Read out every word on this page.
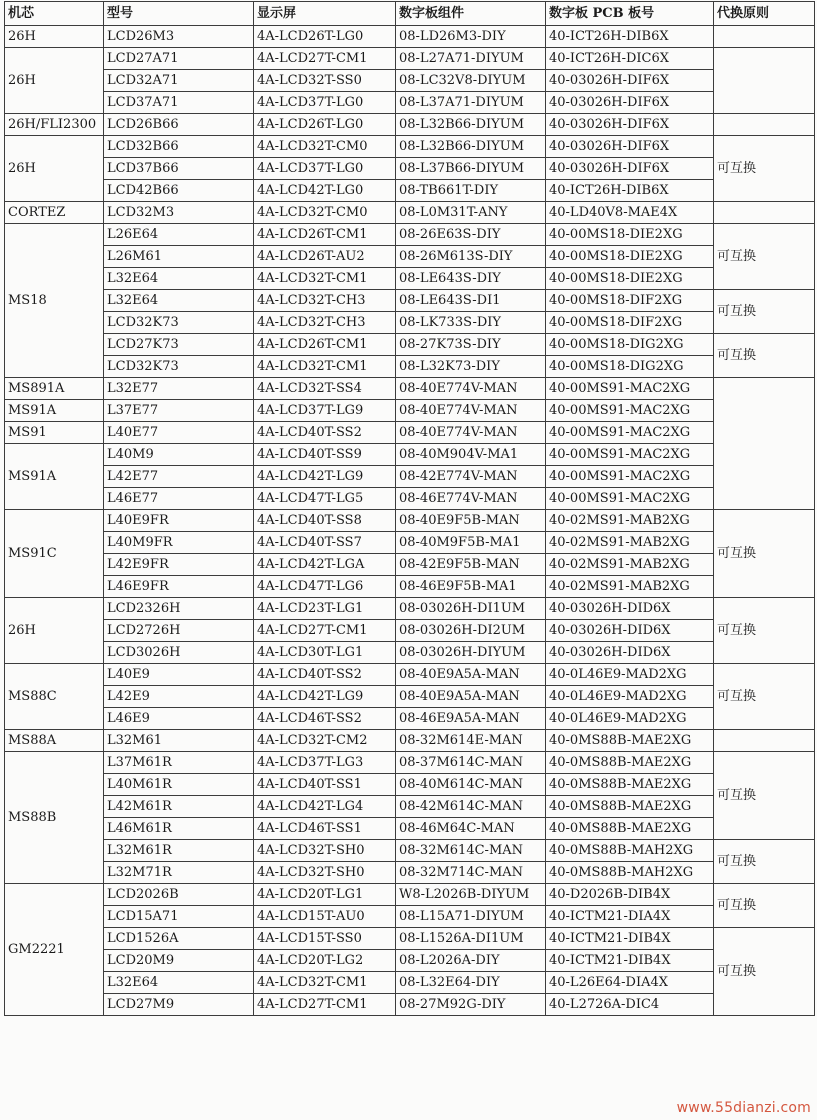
机芯	型号	显示屏	数字板组件	数字板 PCB 板号	代换原则
26H	LCD26M3	4A-LCD26T-LG0	08-LD26M3-DIY	40-ICT26H-DIB6X	
26H	LCD27A71	4A-LCD27T-CM1	08-L27A71-DIYUM	40-ICT26H-DIC6X	
	LCD32A71	4A-LCD32T-SS0	08-LC32V8-DIYUM	40-03026H-DIF6X	
	LCD37A71	4A-LCD37T-LG0	08-L37A71-DIYUM	40-03026H-DIF6X	
26H/FLI2300	LCD26B66	4A-LCD26T-LG0	08-L32B66-DIYUM	40-03026H-DIF6X	
26H	LCD32B66	4A-LCD32T-CM0	08-L32B66-DIYUM	40-03026H-DIF6X	可互换
	LCD37B66	4A-LCD37T-LG0	08-L37B66-DIYUM	40-03026H-DIF6X	
	LCD42B66	4A-LCD42T-LG0	08-TB661T-DIY	40-ICT26H-DIB6X	
CORTEZ	LCD32M3	4A-LCD32T-CM0	08-L0M31T-ANY	40-LD40V8-MAE4X	
MS18	L26E64	4A-LCD26T-CM1	08-26E63S-DIY	40-00MS18-DIE2XG	可互换
	L26M61	4A-LCD26T-AU2	08-26M613S-DIY	40-00MS18-DIE2XG	
	L32E64	4A-LCD32T-CM1	08-LE643S-DIY	40-00MS18-DIE2XG	
	L32E64	4A-LCD32T-CH3	08-LE643S-DI1	40-00MS18-DIF2XG	可互换
	LCD32K73	4A-LCD32T-CH3	08-LK733S-DIY	40-00MS18-DIF2XG	
	LCD27K73	4A-LCD26T-CM1	08-27K73S-DIY	40-00MS18-DIG2XG	可互换
	LCD32K73	4A-LCD32T-CM1	08-L32K73-DIY	40-00MS18-DIG2XG	
MS891A	L32E77	4A-LCD32T-SS4	08-40E774V-MAN	40-00MS91-MAC2XG	
MS91A	L37E77	4A-LCD37T-LG9	08-40E774V-MAN	40-00MS91-MAC2XG	
MS91	L40E77	4A-LCD40T-SS2	08-40E774V-MAN	40-00MS91-MAC2XG	
MS91A	L40M9	4A-LCD40T-SS9	08-40M904V-MA1	40-00MS91-MAC2XG	
	L42E77	4A-LCD42T-LG9	08-42E774V-MAN	40-00MS91-MAC2XG	
	L46E77	4A-LCD47T-LG5	08-46E774V-MAN	40-00MS91-MAC2XG	
MS91C	L40E9FR	4A-LCD40T-SS8	08-40E9F5B-MAN	40-02MS91-MAB2XG	可互换
	L40M9FR	4A-LCD40T-SS7	08-40M9F5B-MA1	40-02MS91-MAB2XG	
	L42E9FR	4A-LCD42T-LGA	08-42E9F5B-MAN	40-02MS91-MAB2XG	
	L46E9FR	4A-LCD47T-LG6	08-46E9F5B-MA1	40-02MS91-MAB2XG	
26H	LCD2326H	4A-LCD23T-LG1	08-03026H-DI1UM	40-03026H-DID6X	可互换
	LCD2726H	4A-LCD27T-CM1	08-03026H-DI2UM	40-03026H-DID6X	
	LCD3026H	4A-LCD30T-LG1	08-03026H-DIYUM	40-03026H-DID6X	
MS88C	L40E9	4A-LCD40T-SS2	08-40E9A5A-MAN	40-0L46E9-MAD2XG	可互换
	L42E9	4A-LCD42T-LG9	08-40E9A5A-MAN	40-0L46E9-MAD2XG	
	L46E9	4A-LCD46T-SS2	08-46E9A5A-MAN	40-0L46E9-MAD2XG	
MS88A	L32M61	4A-LCD32T-CM2	08-32M614E-MAN	40-0MS88B-MAE2XG	
MS88B	L37M61R	4A-LCD37T-LG3	08-37M614C-MAN	40-0MS88B-MAE2XG	可互换
	L40M61R	4A-LCD40T-SS1	08-40M614C-MAN	40-0MS88B-MAE2XG	
	L42M61R	4A-LCD42T-LG4	08-42M614C-MAN	40-0MS88B-MAE2XG	
	L46M61R	4A-LCD46T-SS1	08-46M64C-MAN	40-0MS88B-MAE2XG	
	L32M61R	4A-LCD32T-SH0	08-32M614C-MAN	40-0MS88B-MAH2XG	可互换
	L32M71R	4A-LCD32T-SH0	08-32M714C-MAN	40-0MS88B-MAH2XG	
GM2221	LCD2026B	4A-LCD20T-LG1	W8-L2026B-DIYUM	40-D2026B-DIB4X	可互换
	LCD15A71	4A-LCD15T-AU0	08-L15A71-DIYUM	40-ICTM21-DIA4X	
	LCD1526A	4A-LCD15T-SS0	08-L1526A-DI1UM	40-ICTM21-DIB4X	可互换
	LCD20M9	4A-LCD20T-LG2	08-L2026A-DIY	40-ICTM21-DIB4X	
	L32E64	4A-LCD32T-CM1	08-L32E64-DIY	40-L26E64-DIA4X	
	LCD27M9	4A-LCD27T-CM1	08-27M92G-DIY	40-L2726A-DIC4	
www.55dianzi.com
